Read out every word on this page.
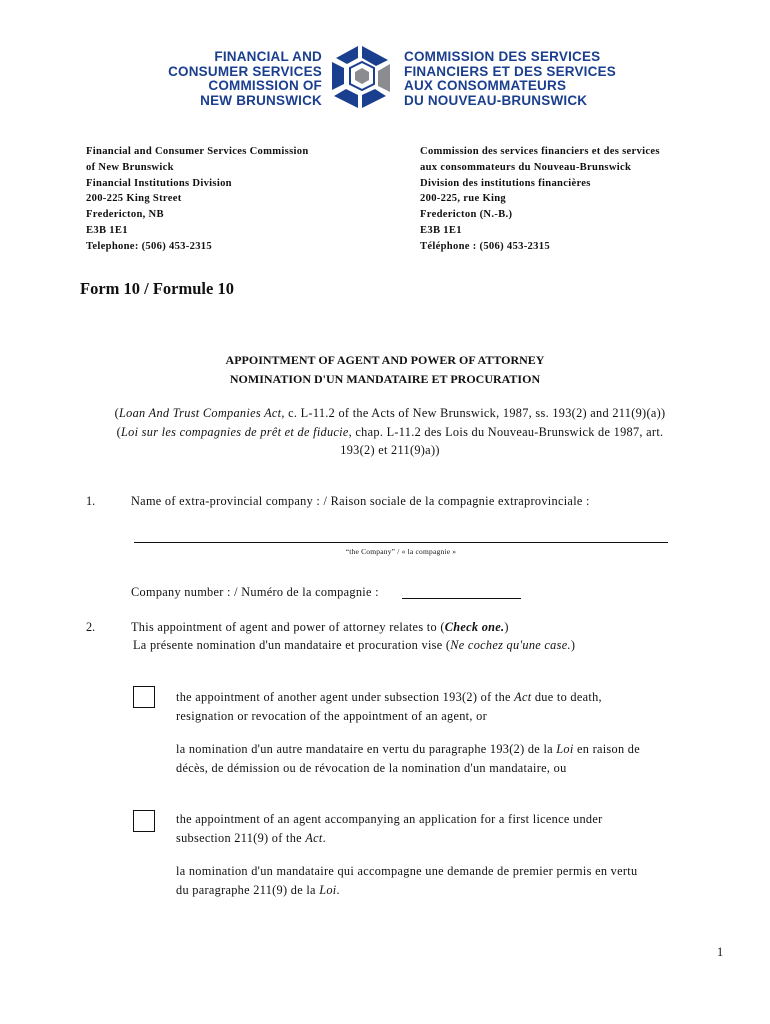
FINANCIAL AND
CONSUMER SERVICES
COMMISSION OF
NEW BRUNSWICK
COMMISSION DES SERVICES
FINANCIERS ET DES SERVICES
AUX CONSOMMATEURS
DU NOUVEAU-BRUNSWICK
Financial and Consumer Services Commission
of New Brunswick
Financial Institutions Division
200-225 King Street
Fredericton, NB
E3B 1E1
Telephone: (506) 453-2315
Commission des services financiers et des services
aux consommateurs du Nouveau-Brunswick
Division des institutions financières
200-225, rue King
Fredericton (N.-B.)
E3B 1E1
Téléphone : (506) 453-2315
Form 10 / Formule 10
APPOINTMENT OF AGENT AND POWER OF ATTORNEY
NOMINATION D'UN MANDATAIRE ET PROCURATION
(Loan And Trust Companies Act, c. L-11.2 of the Acts of New Brunswick, 1987, ss. 193(2) and 211(9)(a))
(Loi sur les compagnies de prêt et de fiducie, chap. L-11.2 des Lois du Nouveau-Brunswick de 1987, art.
193(2) et 211(9)a))
1.	Name of extra-provincial company : / Raison sociale de la compagnie extraprovinciale :
“the Company” / « la compagnie »
Company number : / Numéro de la compagnie :
2.	This appointment of agent and power of attorney relates to (Check one.)
La présente nomination d'un mandataire et procuration vise (Ne cochez qu'une case.)
the appointment of another agent under subsection 193(2) of the Act due to death,
resignation or revocation of the appointment of an agent, or
la nomination d'un autre mandataire en vertu du paragraphe 193(2) de la Loi en raison de
décès, de démission ou de révocation de la nomination d'un mandataire, ou
the appointment of an agent accompanying an application for a first licence under
subsection 211(9) of the Act.
la nomination d'un mandataire qui accompagne une demande de premier permis en vertu
du paragraphe 211(9) de la Loi.
1
